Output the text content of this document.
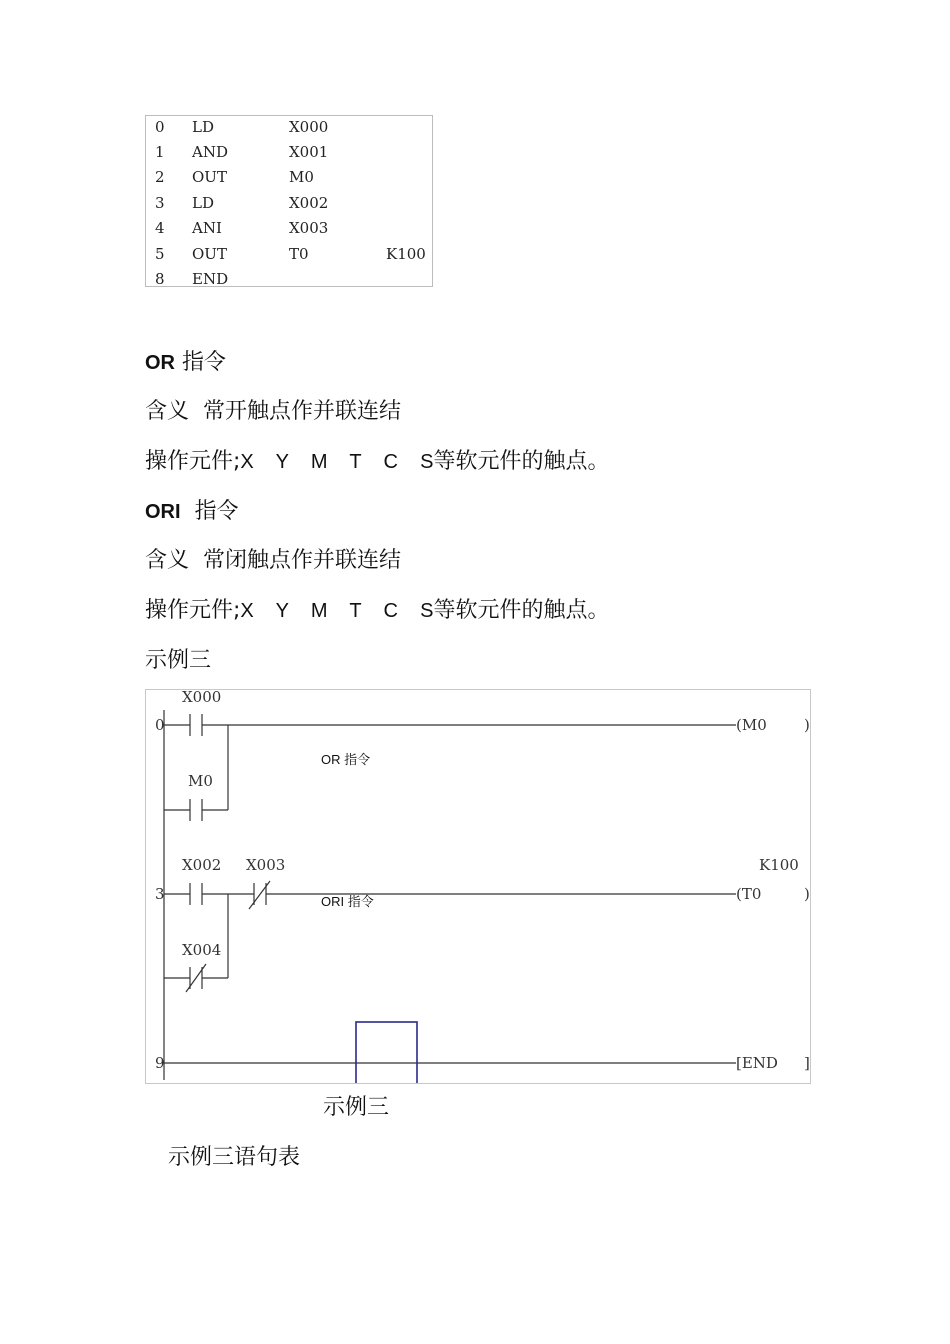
0 LD	X000
1 AND	X001
2 OUT	M0
3 LD	X002
4 ANI	X003
5 OUT	T0	K100
8 END
OR 指令
含义  常开触点作并联连结
操作元件;X    Y    M    T    C    S等软元件的触点。
ORI 指令
含义  常闭触点作并联连结
操作元件;X    Y    M    T    C    S等软元件的触点。
示例三
0
3
9
X000
M0
X002 X003
X004
(M0 )
K100
(T0	)
[END ]
OR 指令
ORI 指令
示例三
示例三语句表
